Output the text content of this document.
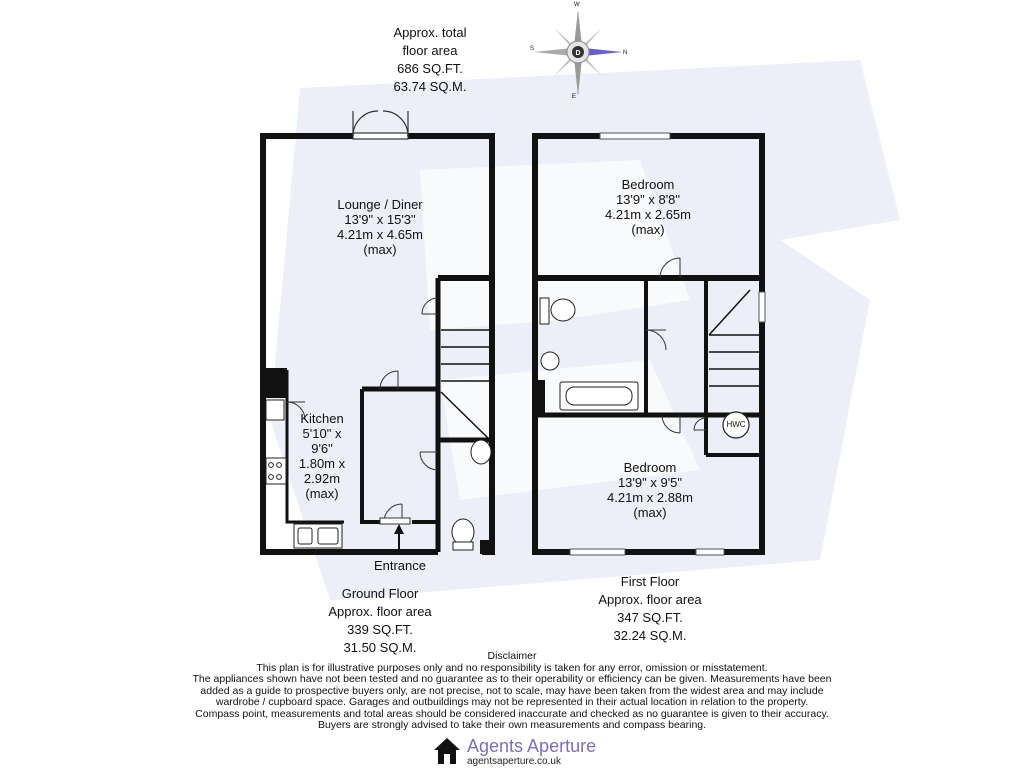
D
W
N
E
S
Approx. total
floor area
686 SQ.FT.
63.74 SQ.M.
Lounge / Diner
13'9" x 15'3"
4.21m x 4.65m
(max)
Kitchen
5'10" x
9'6"
1.80m x
2.92m
(max)
Bedroom
13'9" x 8'8"
4.21m x 2.65m
(max)
Bedroom
13'9" x 9'5"
4.21m x 2.88m
(max)
HWC
Entrance
Ground Floor
Approx. floor area
339 SQ.FT.
31.50 SQ.M.
First Floor
Approx. floor area
347 SQ.FT.
32.24 SQ.M.
Disclaimer
This plan is for illustrative purposes only and no responsibility is taken for any error, omission or misstatement.
The appliances shown have not been tested and no guarantee as to their operability or efficiency can be given. Measurements have been
added as a guide to prospective buyers only, are not precise, not to scale, may have been taken from the widest area and may include
wardrobe / cupboard space. Garages and outbuildings may not be represented in their actual location in relation to the property.
Compass point, measurements and total areas should be considered inaccurate and checked as no guarantee is given to their accuracy.
Buyers are strongly advised to take their own measurements and compass bearing.
Agents Aperture
agentsaperture.co.uk
